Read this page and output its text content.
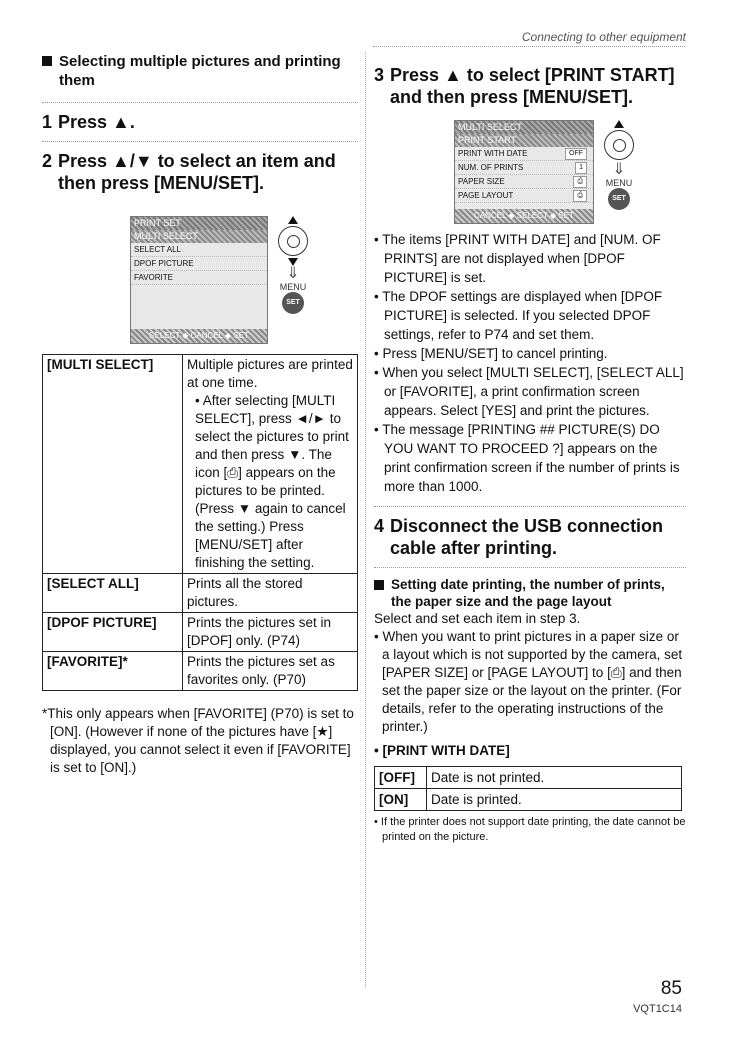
Connecting to other equipment
Selecting multiple pictures and printing them
1 Press ▲.
2 Press ▲/▼ to select an item and then press [MENU/SET].
PRINT SET
MULTI SELECT
SELECT ALL
DPOF PICTURE
FAVORITE
SELECT ◆ CANCEL ◆ SET
⇓
MENU
SET
[MULTI SELECT]	Multiple pictures are printed at one time.
• After selecting [MULTI SELECT], press ◄/► to select the pictures to print and then press ▼. The icon [⎙] appears on the pictures to be printed. (Press ▼ again to cancel the setting.) Press [MENU/SET] after finishing the setting.

[SELECT ALL]	Prints all the stored pictures.
[DPOF PICTURE]	Prints the pictures set in [DPOF] only. (P74)
[FAVORITE]*	Prints the pictures set as favorites only. (P70)
*This only appears when [FAVORITE] (P70) is set to [ON]. (However if none of the pictures have [★] displayed, you cannot select it even if [FAVORITE] is set to [ON].)
3 Press ▲ to select [PRINT START] and then press [MENU/SET].
MULTI SELECT
PRINT START
PRINT WITH DATE	OFF
NUM. OF PRINTS	1
PAPER SIZE	⎙
PAGE LAYOUT	⎙
CANCEL ◆ SELECT ◆ SET
⇓
MENU
SET
• The items [PRINT WITH DATE] and [NUM. OF PRINTS] are not displayed when [DPOF PICTURE] is set.
• The DPOF settings are displayed when [DPOF PICTURE] is selected. If you selected DPOF settings, refer to P74 and set them.
• Press [MENU/SET] to cancel printing.
• When you select [MULTI SELECT], [SELECT ALL] or [FAVORITE], a print confirmation screen appears. Select [YES] and print the pictures.
• The message [PRINTING ## PICTURE(S) DO YOU WANT TO PROCEED ?] appears on the print confirmation screen if the number of prints is more than 1000.
4 Disconnect the USB connection cable after printing.
Setting date printing, the number of prints, the paper size and the page layout
Select and set each item in step 3.
• When you want to print pictures in a paper size or a layout which is not supported by the camera, set [PAPER SIZE] or [PAGE LAYOUT] to [⎙] and then set the paper size or the layout on the printer. (For details, refer to the operating instructions of the printer.)
• [PRINT WITH DATE]
[OFF]	Date is not printed.
[ON]	Date is printed.
• If the printer does not support date printing, the date cannot be printed on the picture.
85
VQT1C14
